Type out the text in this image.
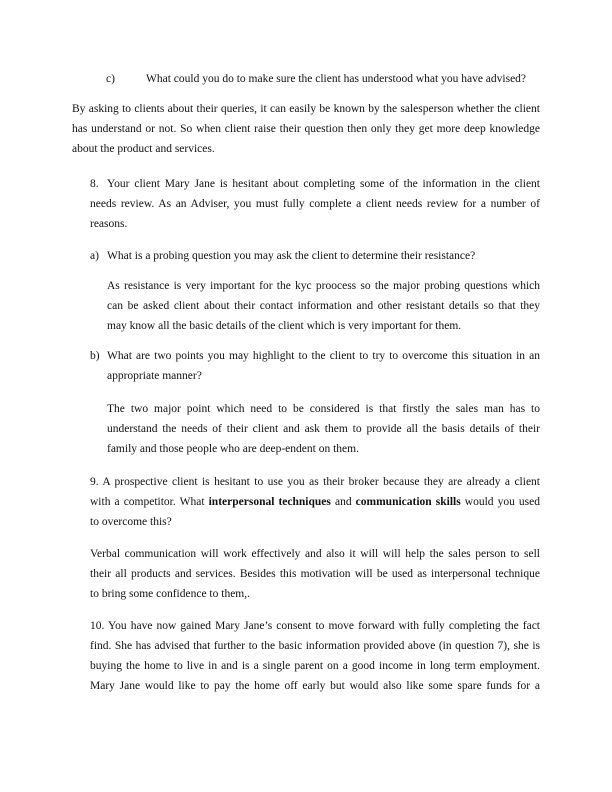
c)	What could you do to make sure the client has understood what you have advised?
By asking to clients about their queries, it can easily be known by the salesperson whether the client
has understand or not. So when client raise their question then only they get more deep knowledge
about the product and services.
8. Your client Mary Jane is hesitant about completing some of the information in the client
needs review. As an Adviser, you must fully complete a client needs review for a number of
reasons.
a) What is a probing question you may ask the client to determine their resistance?
As resistance is very important for the kyc proocess so the major probing questions which
can be asked client about their contact information and other resistant details so that they
may know all the basic details of the client which is very important for them.
b) What are two points you may highlight to the client to try to overcome this situation in an
appropriate manner?
The two major point which need to be considered is that firstly the sales man has to
understand the needs of their client and ask them to provide all the basis details of their
family and those people who are deep-endent on them.
9. A prospective client is hesitant to use you as their broker because they are already a client
with a competitor. What interpersonal techniques and communication skills would you used
to overcome this?
Verbal communication will work effectively and also it will will help the sales person to sell
their all products and services. Besides this motivation will be used as interpersonal technique
to bring some confidence to them,.
10. You have now gained Mary Jane’s consent to move forward with fully completing the fact
find. She has advised that further to the basic information provided above (in question 7), she is
buying the home to live in and is a single parent on a good income in long term employment.
Mary Jane would like to pay the home off early but would also like some spare funds for a
